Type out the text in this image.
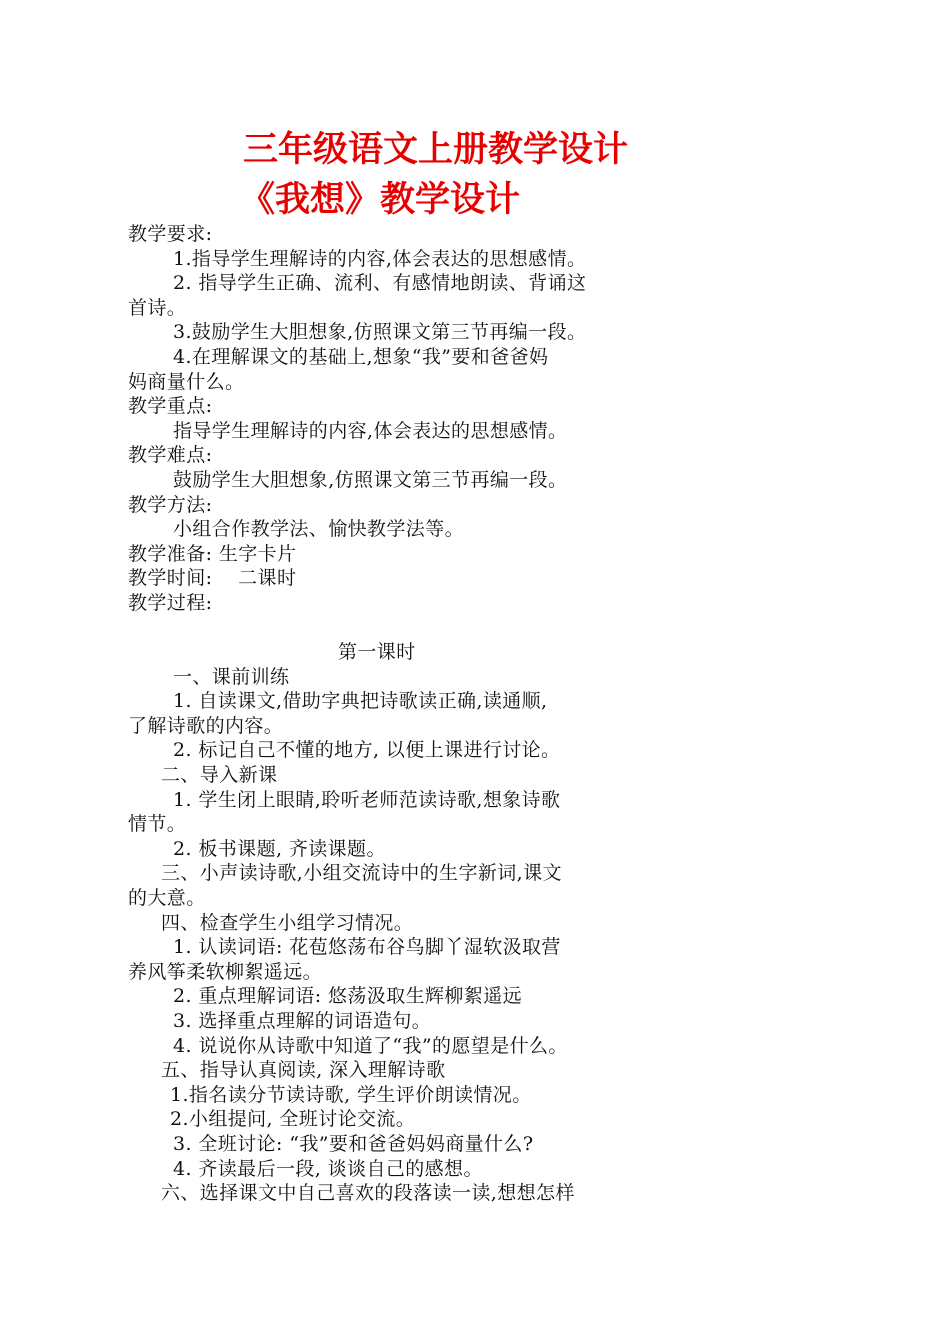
三年级语文上册教学设计
《我想》教学设计
教学要求:
1.指导学生理解诗的内容,体会表达的思想感情。
2. 指导学生正确、流利、有感情地朗读、背诵这
首诗。
3.鼓励学生大胆想象,仿照课文第三节再编一段。
4.在理解课文的基础上,想象“我”要和爸爸妈
妈商量什么。
教学重点:
指导学生理解诗的内容,体会表达的思想感情。
教学难点:
鼓励学生大胆想象,仿照课文第三节再编一段。
教学方法:
小组合作教学法、愉快教学法等。
教学准备: 生字卡片
教学时间:    二课时
教学过程:
第一课时
一、课前训练
1. 自读课文,借助字典把诗歌读正确,读通顺,
了解诗歌的内容。
2. 标记自己不懂的地方, 以便上课进行讨论。
二、导入新课
1. 学生闭上眼睛,聆听老师范读诗歌,想象诗歌
情节。
2. 板书课题, 齐读课题。
三、小声读诗歌,小组交流诗中的生字新词,课文
的大意。
四、检查学生小组学习情况。
1. 认读词语: 花苞悠荡布谷鸟脚丫湿软汲取营
养风筝柔软柳絮遥远。
2. 重点理解词语: 悠荡汲取生辉柳絮遥远
3. 选择重点理解的词语造句。
4. 说说你从诗歌中知道了“我”的愿望是什么。
五、指导认真阅读, 深入理解诗歌
1.指名读分节读诗歌, 学生评价朗读情况。
2.小组提问, 全班讨论交流。
3. 全班讨论: “我”要和爸爸妈妈商量什么?
4. 齐读最后一段, 谈谈自己的感想。
六、选择课文中自己喜欢的段落读一读,想想怎样
